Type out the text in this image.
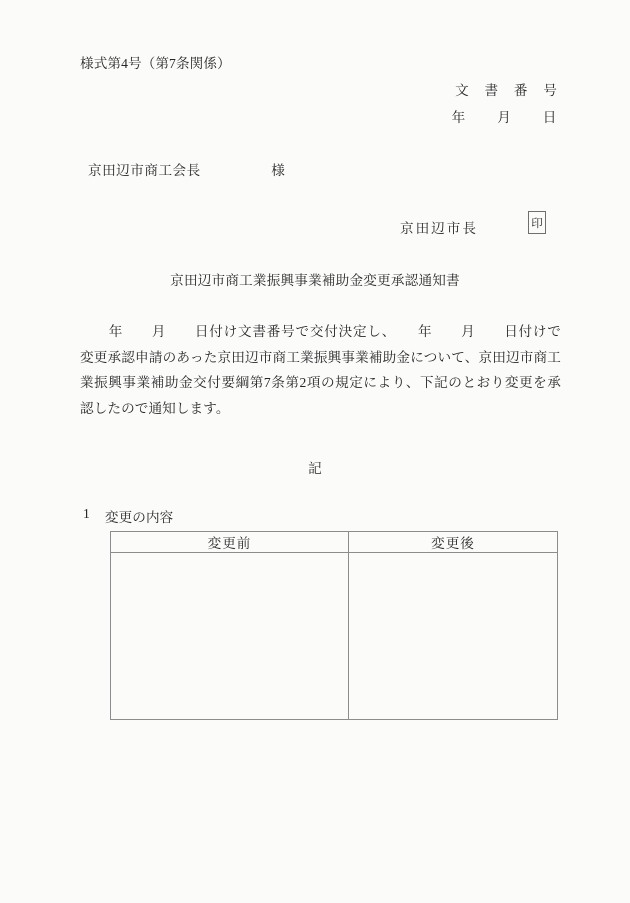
様式第4号（第7条関係）
文　書　番　号
年　　月　　日
京田辺市商工会長　　　　　様
京田辺市長	印
京田辺市商工業振興事業補助金変更承認通知書
　　年　　月　　日付け文書番号で交付決定し、　　年　　月　　日付けで
変更承認申請のあった京田辺市商工業振興事業補助金について、京田辺市商工
業振興事業補助金交付要綱第7条第2項の規定により、下記のとおり変更を承
認したので通知します。
記
1 変更の内容
変更前	変更後
